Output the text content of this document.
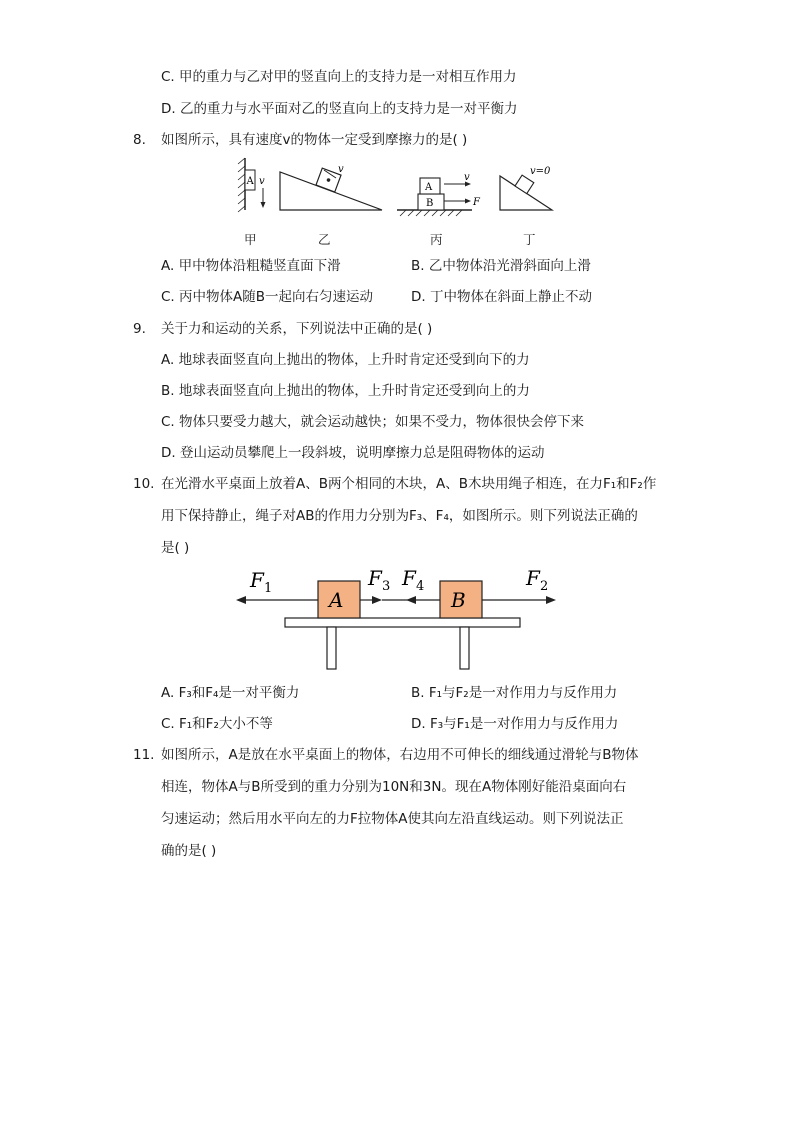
C. 甲的重力与乙对甲的竖直向上的支持力是一对相互作用力
D. 乙的重力与水平面对乙的竖直向上的支持力是一对平衡力
8. 如图所示，具有速度v的物体一定受到摩擦力的是( )
A v
v
A
B
v
F
v=0
甲	乙	丙	丁
A. 甲中物体沿粗糙竖直面下滑	B. 乙中物体沿光滑斜面向上滑
C. 丙中物体A随B一起向右匀速运动	D. 丁中物体在斜面上静止不动
9. 关于力和运动的关系，下列说法中正确的是( )
A. 地球表面竖直向上抛出的物体，上升时肯定还受到向下的力
B. 地球表面竖直向上抛出的物体，上升时肯定还受到向上的力
C. 物体只要受力越大，就会运动越快；如果不受力，物体很快会停下来
D. 登山运动员攀爬上一段斜坡，说明摩擦力总是阻碍物体的运动
10. 在光滑水平桌面上放着A、B两个相同的木块，A、B木块用绳子相连，在力F₁和F₂作
用下保持静止，绳子对AB的作用力分别为F₃、F₄，如图所示。则下列说法正确的
是( )
A	B
F 1	F 3 F 4	F 2
A. F₃和F₄是一对平衡力	B. F₁与F₂是一对作用力与反作用力
C. F₁和F₂大小不等	D. F₃与F₁是一对作用力与反作用力
11. 如图所示，A是放在水平桌面上的物体，右边用不可伸长的细线通过滑轮与B物体
相连，物体A与B所受到的重力分别为10N和3N。现在A物体刚好能沿桌面向右
匀速运动；然后用水平向左的力F拉物体A使其向左沿直线运动。则下列说法正
确的是( )
